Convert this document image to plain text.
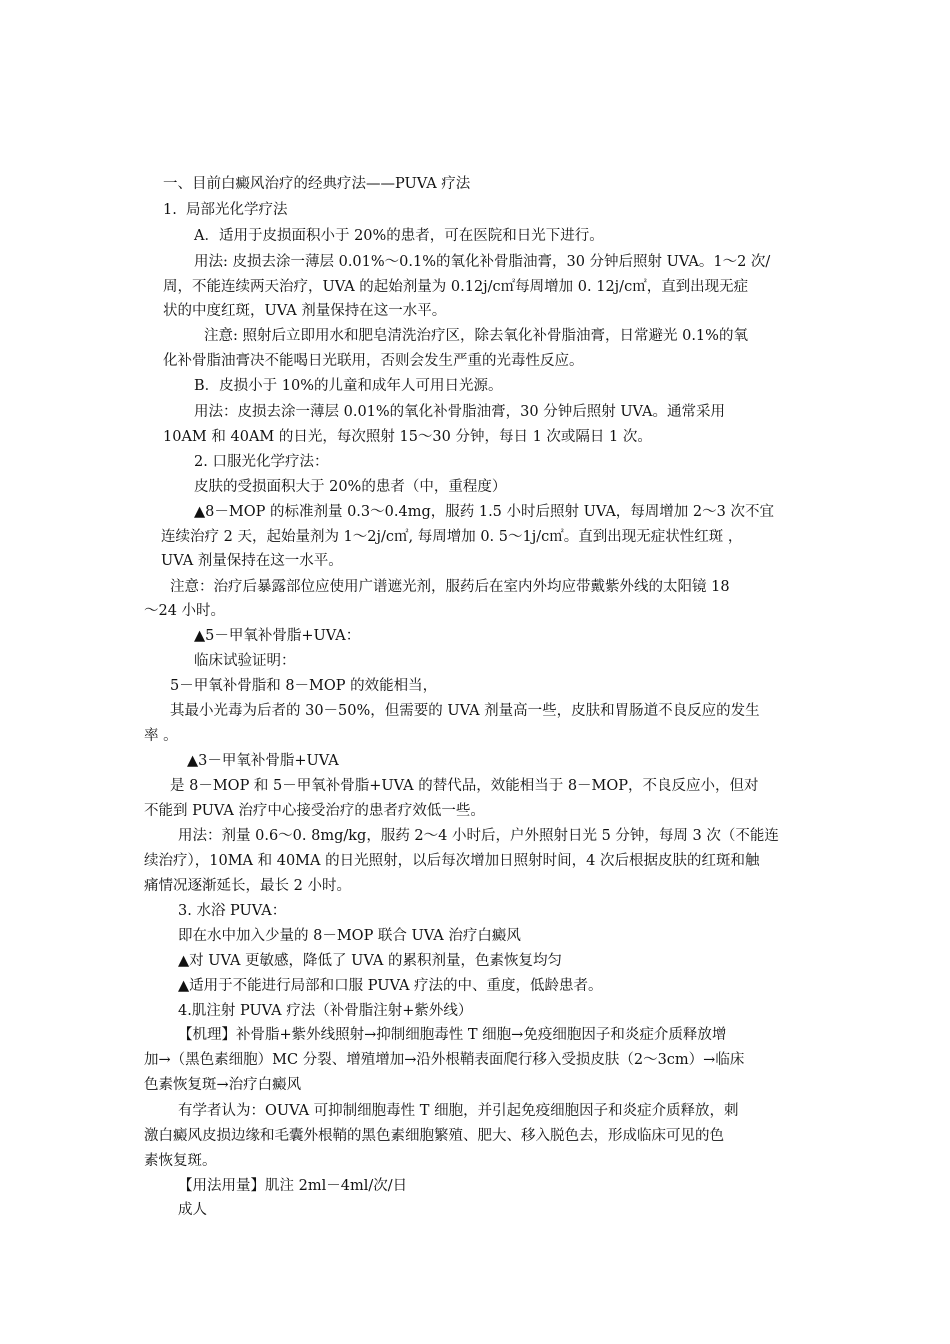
一、目前白癜风治疗的经典疗法——PUVA 疗法
1.  局部光化学疗法
A．适用于皮损面积小于 20%的患者，可在医院和日光下进行。
用法: 皮损去涂一薄层 0.01%～0.1%的氧化补骨脂油膏，30 分钟后照射 UVA。1～2 次/
周，不能连续两天治疗，UVA 的起始剂量为 0.12j/c㎡每周增加 0. 12j/c㎡，直到出现无症
状的中度红斑，UVA 剂量保持在这一水平。
注意: 照射后立即用水和肥皂清洗治疗区，除去氧化补骨脂油膏，日常避光 0.1%的氧
化补骨脂油膏决不能喝日光联用，否则会发生严重的光毒性反应。
B．皮损小于 10%的儿童和成年人可用日光源。
用法：皮损去涂一薄层 0.01%的氧化补骨脂油膏，30 分钟后照射 UVA。通常采用
10AM 和 40AM 的日光，每次照射 15～30 分钟，每日 1 次或隔日 1 次。
2. 口服光化学疗法：
皮肤的受损面积大于 20%的患者（中，重程度）
▲8－MOP 的标准剂量 0.3～0.4mg，服药 1.5 小时后照射 UVA，每周增加 2～3 次不宜
连续治疗 2 天，起始量剂为 1～2j/c㎡, 每周增加 0. 5～1j/c㎡。直到出现无症状性红斑 ，
UVA 剂量保持在这一水平。
注意：治疗后暴露部位应使用广谱遮光剂，服药后在室内外均应带戴紫外线的太阳镜 18
～24 小时。
▲5－甲氧补骨脂+UVA：
临床试验证明：
5－甲氧补骨脂和 8－MOP 的效能相当，
其最小光毒为后者的 30－50%，但需要的 UVA 剂量高一些，皮肤和胃肠道不良反应的发生
率 。
▲3－甲氧补骨脂+UVA
是 8－MOP 和 5－甲氧补骨脂+UVA 的替代品，效能相当于 8－MOP，不良反应小，但对
不能到 PUVA 治疗中心接受治疗的患者疗效低一些。
用法：剂量 0.6～0. 8mg/kg，服药 2～4 小时后，户外照射日光 5 分钟，每周 3 次（不能连
续治疗），10MA 和 40MA 的日光照射，以后每次增加日照射时间，4 次后根据皮肤的红斑和触
痛情况逐渐延长，最长 2 小时。
3. 水浴 PUVA：
即在水中加入少量的 8－MOP 联合 UVA 治疗白癜风
▲对 UVA 更敏感，降低了 UVA 的累积剂量，色素恢复均匀
▲适用于不能进行局部和口服 PUVA 疗法的中、重度，低龄患者。
4.肌注射 PUVA 疗法（补骨脂注射+紫外线）
【机理】补骨脂+紫外线照射→抑制细胞毒性 T 细胞→免疫细胞因子和炎症介质释放增
加→（黑色素细胞）MC 分裂、增殖增加→沿外根鞘表面爬行移入受损皮肤（2～3cm）→临床
色素恢复斑→治疗白癜风
有学者认为：OUVA 可抑制细胞毒性 T 细胞，并引起免疫细胞因子和炎症介质释放，刺
激白癜风皮损边缘和毛囊外根鞘的黑色素细胞繁殖、肥大、移入脱色去，形成临床可见的色
素恢复斑。
【用法用量】肌注 2ml－4ml/次/日
成人
